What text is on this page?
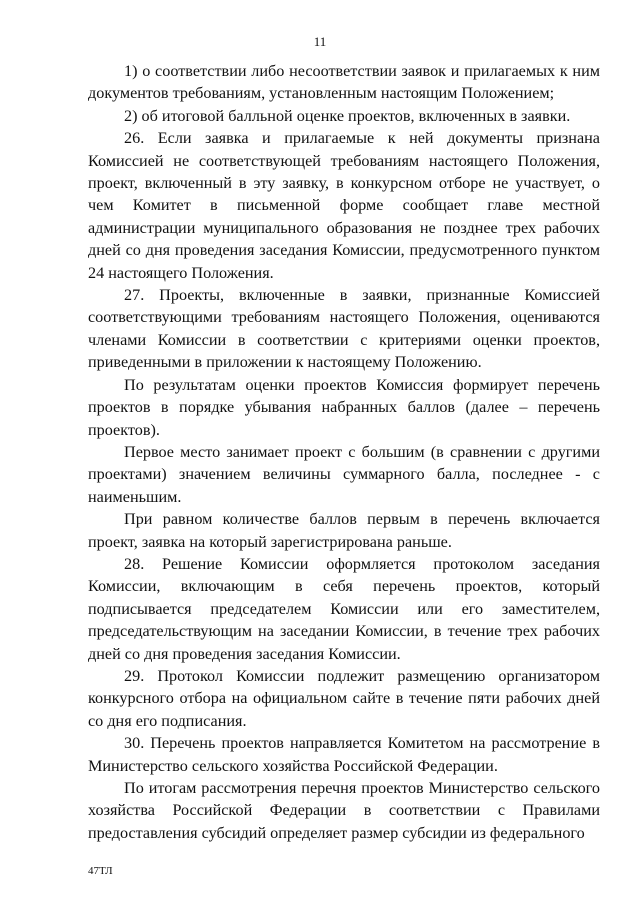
11

1) о соответствии либо несоответствии заявок и прилагаемых к ним документов требованиям, установленным настоящим Положением;

2) об итоговой балльной оценке проектов, включенных в заявки.

26. Если заявка и прилагаемые к ней документы признана Комиссией не соответствующей требованиям настоящего Положения, проект, включенный в эту заявку, в конкурсном отборе не участвует, о чем Комитет в письменной форме сообщает главе местной администрации муниципального образования не позднее трех рабочих дней со дня проведения заседания Комиссии, предусмотренного пунктом 24 настоящего Положения.

27. Проекты, включенные в заявки, признанные Комиссией соответствующими требованиям настоящего Положения, оцениваются членами Комиссии в соответствии с критериями оценки проектов, приведенными в приложении к настоящему Положению.

По результатам оценки проектов Комиссия формирует перечень проектов в порядке убывания набранных баллов (далее – перечень проектов).

Первое место занимает проект с большим (в сравнении с другими проектами) значением величины суммарного балла, последнее - с наименьшим.

При равном количестве баллов первым в перечень включается проект, заявка на который зарегистрирована раньше.

28. Решение Комиссии оформляется протоколом заседания Комиссии, включающим в себя перечень проектов, который подписывается председателем Комиссии или его заместителем, председательствующим на заседании Комиссии, в течение трех рабочих дней со дня проведения заседания Комиссии.

29. Протокол Комиссии подлежит размещению организатором конкурсного отбора на официальном сайте в течение пяти рабочих дней со дня его подписания.

30. Перечень проектов направляется Комитетом на рассмотрение в Министерство сельского хозяйства Российской Федерации.

По итогам рассмотрения перечня проектов Министерство сельского хозяйства Российской Федерации в соответствии с Правилами предоставления субсидий определяет размер субсидии из федерального

47ТЛ
